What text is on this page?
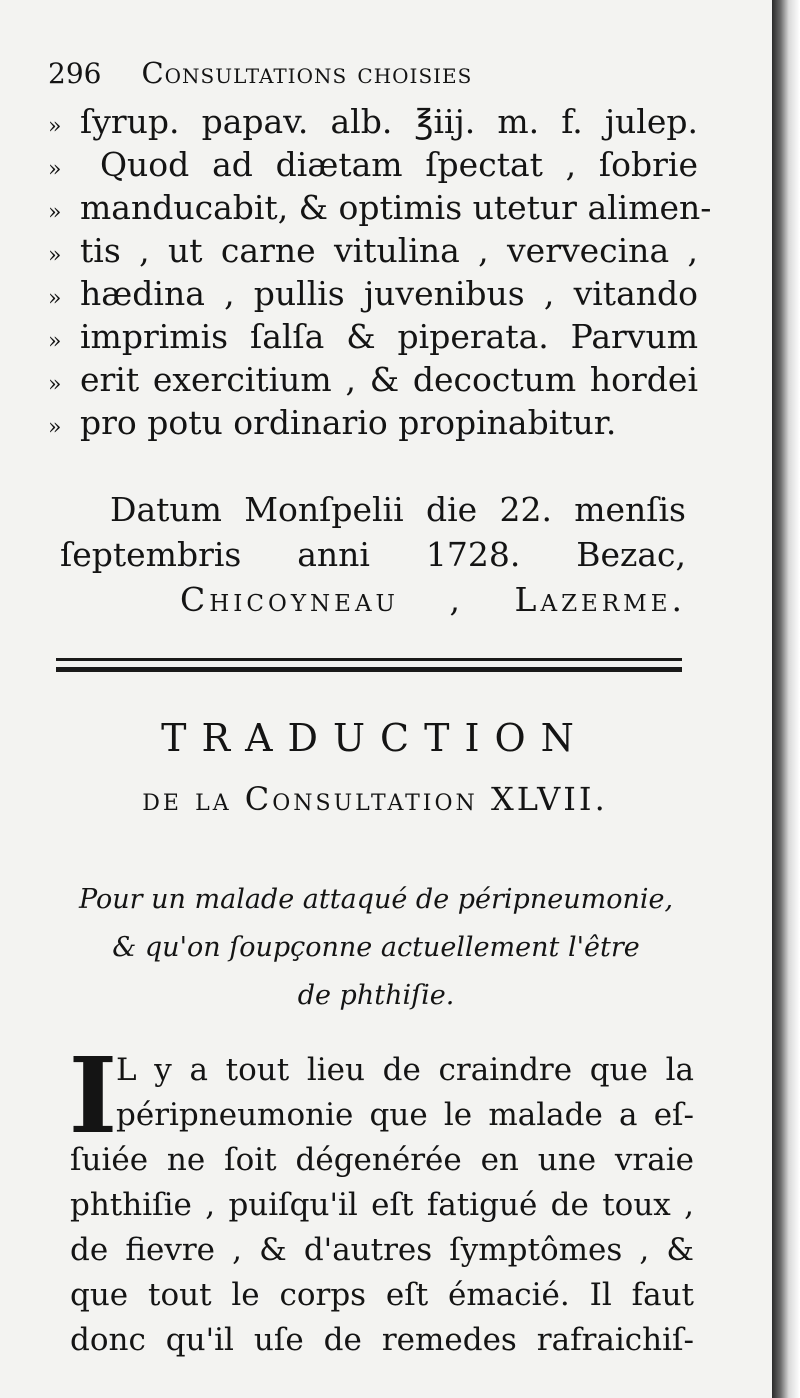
296 Consultations choisies
» ſyrup. papav. alb. ℥iij. m. f. julep.
»	Quod ad diætam ſpectat , ſobrie
» manducabit, & optimis utetur alimen-
» tis , ut carne vitulina , vervecina ,
» hædina , pullis juvenibus , vitando
» imprimis ſalſa & piperata. Parvum
» erit exercitium , & decoctum hordei
» pro potu ordinario propinabitur.
Datum Monſpelii die 22. menſis
ſeptembris anni 1728. Bezac,
Chicoyneau , Lazerme.
TRADUCTION
de la Consultation XLVII.
Pour un malade attaqué de péripneumonie,
& qu'on ſoupçonne actuellement l'être
de phthiſie.
I
L y a tout lieu de craindre que la
péripneumonie que le malade a eſ-
ſuiée ne ſoit dégenérée en une vraie
phthiſie , puiſqu'il eſt fatigué de toux ,
de fievre , & d'autres ſymptômes , &
que tout le corps eſt émacié. Il faut
donc qu'il uſe de remedes rafraichiſ-
